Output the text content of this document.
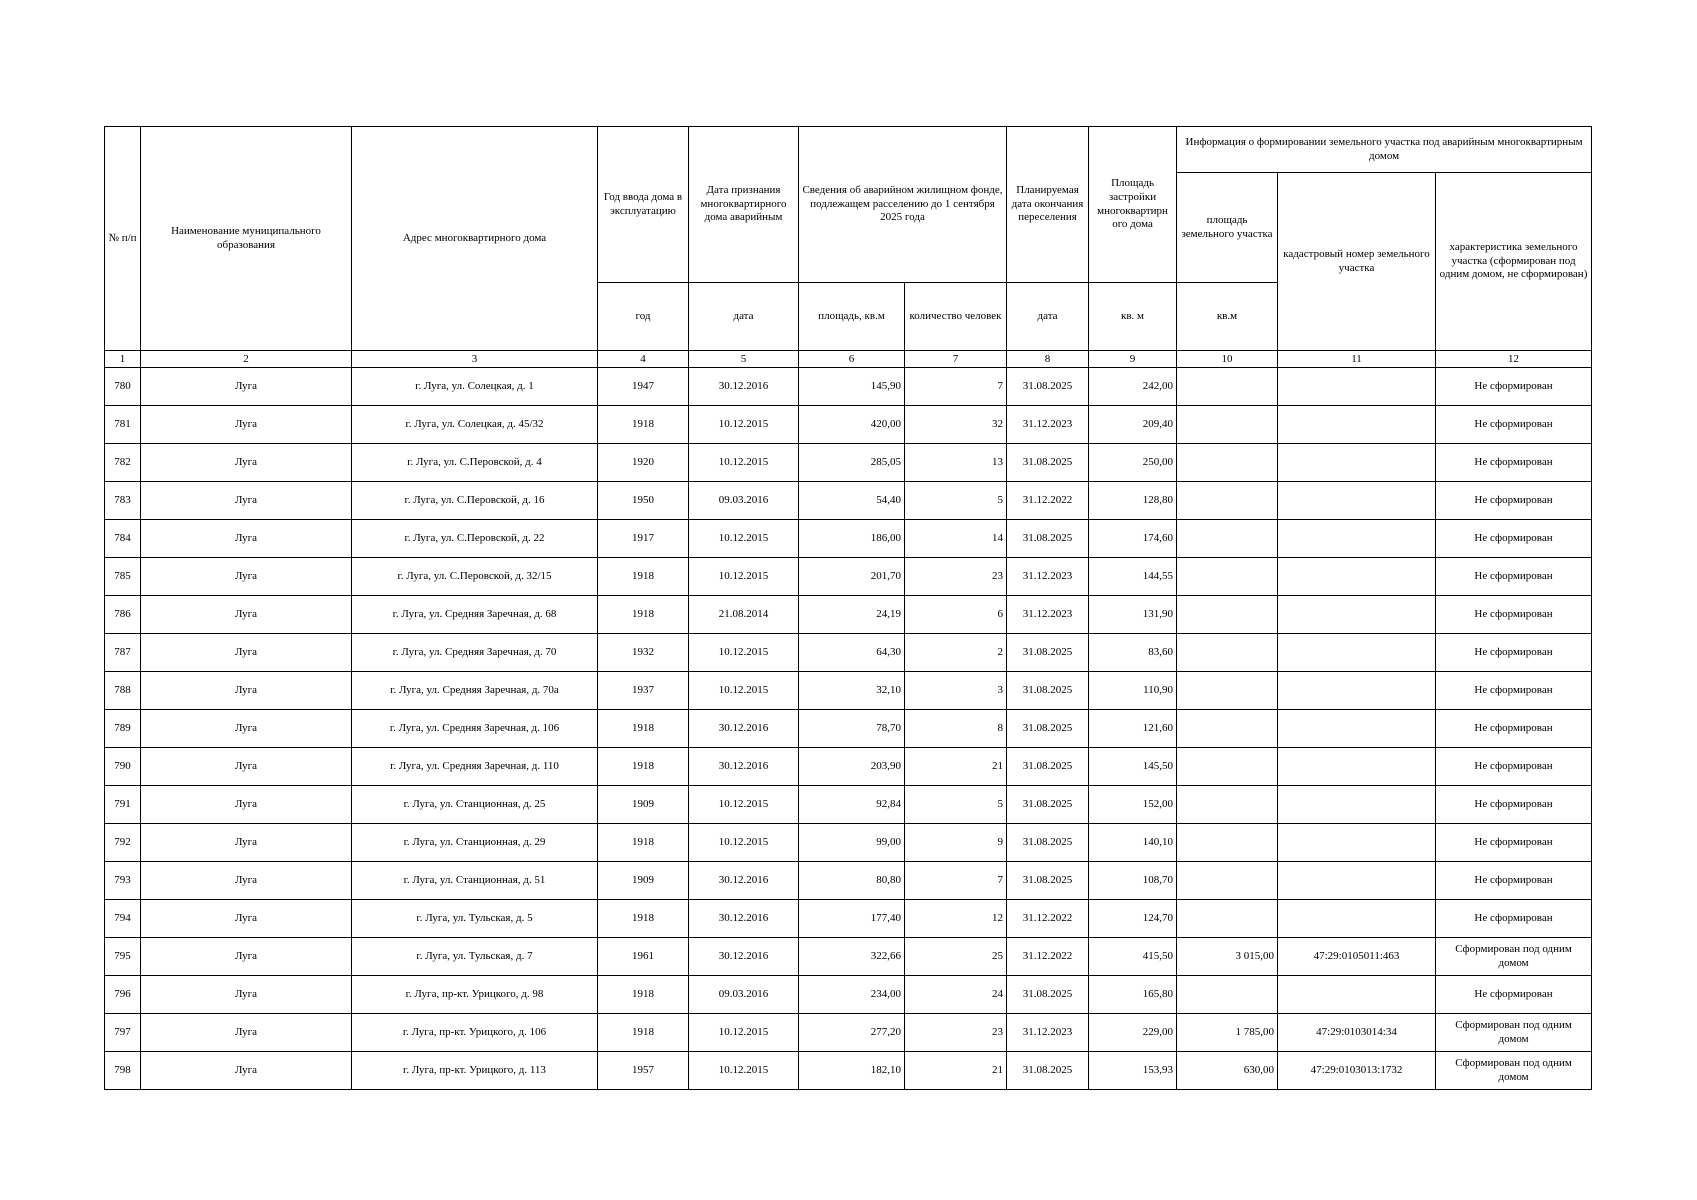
№ п/п	Наименование муниципального образования	Адрес многоквартирного дома	Год ввода дома в эксплуатацию	Дата признания многоквартирного дома аварийным	Сведения об аварийном жилищном фонде, подлежащем расселению до 1 сентября 2025 года		Планируемая дата окончания переселения	Площадь застройки многоквартирн ого дома	Информация о формировании земельного участка под аварийным многоквартирным домом		
									площадь земельного участка	кадастровый номер земельного участка	характеристика земельного участка (сформирован под одним домом, не сформирован)
			год	дата	площадь, кв.м	количество человек	дата	кв. м	кв.м		
1	2	3	4	5	6	7	8	9	10	11	12
780	Луга	г. Луга, ул. Солецкая, д. 1	1947	30.12.2016	145,90	7	31.08.2025	242,00			Не сформирован
781	Луга	г. Луга, ул. Солецкая, д. 45/32	1918	10.12.2015	420,00	32	31.12.2023	209,40			Не сформирован
782	Луга	г. Луга, ул. С.Перовской, д. 4	1920	10.12.2015	285,05	13	31.08.2025	250,00			Не сформирован
783	Луга	г. Луга, ул. С.Перовской, д. 16	1950	09.03.2016	54,40	5	31.12.2022	128,80			Не сформирован
784	Луга	г. Луга, ул. С.Перовской, д. 22	1917	10.12.2015	186,00	14	31.08.2025	174,60			Не сформирован
785	Луга	г. Луга, ул. С.Перовской, д. 32/15	1918	10.12.2015	201,70	23	31.12.2023	144,55			Не сформирован
786	Луга	г. Луга, ул. Средняя Заречная, д. 68	1918	21.08.2014	24,19	6	31.12.2023	131,90			Не сформирован
787	Луга	г. Луга, ул. Средняя Заречная, д. 70	1932	10.12.2015	64,30	2	31.08.2025	83,60			Не сформирован
788	Луга	г. Луга, ул. Средняя Заречная, д. 70а	1937	10.12.2015	32,10	3	31.08.2025	110,90			Не сформирован
789	Луга	г. Луга, ул. Средняя Заречная, д. 106	1918	30.12.2016	78,70	8	31.08.2025	121,60			Не сформирован
790	Луга	г. Луга, ул. Средняя Заречная, д. 110	1918	30.12.2016	203,90	21	31.08.2025	145,50			Не сформирован
791	Луга	г. Луга, ул. Станционная, д. 25	1909	10.12.2015	92,84	5	31.08.2025	152,00			Не сформирован
792	Луга	г. Луга, ул. Станционная, д. 29	1918	10.12.2015	99,00	9	31.08.2025	140,10			Не сформирован
793	Луга	г. Луга, ул. Станционная, д. 51	1909	30.12.2016	80,80	7	31.08.2025	108,70			Не сформирован
794	Луга	г. Луга, ул. Тульская, д. 5	1918	30.12.2016	177,40	12	31.12.2022	124,70			Не сформирован
795	Луга	г. Луга, ул. Тульская, д. 7	1961	30.12.2016	322,66	25	31.12.2022	415,50	3 015,00	47:29:0105011:463	Сформирован под одним домом
796	Луга	г. Луга, пр-кт. Урицкого, д. 98	1918	09.03.2016	234,00	24	31.08.2025	165,80			Не сформирован
797	Луга	г. Луга, пр-кт. Урицкого, д. 106	1918	10.12.2015	277,20	23	31.12.2023	229,00	1 785,00	47:29:0103014:34	Сформирован под одним домом
798	Луга	г. Луга, пр-кт. Урицкого, д. 113	1957	10.12.2015	182,10	21	31.08.2025	153,93	630,00	47:29:0103013:1732	Сформирован под одним домом
